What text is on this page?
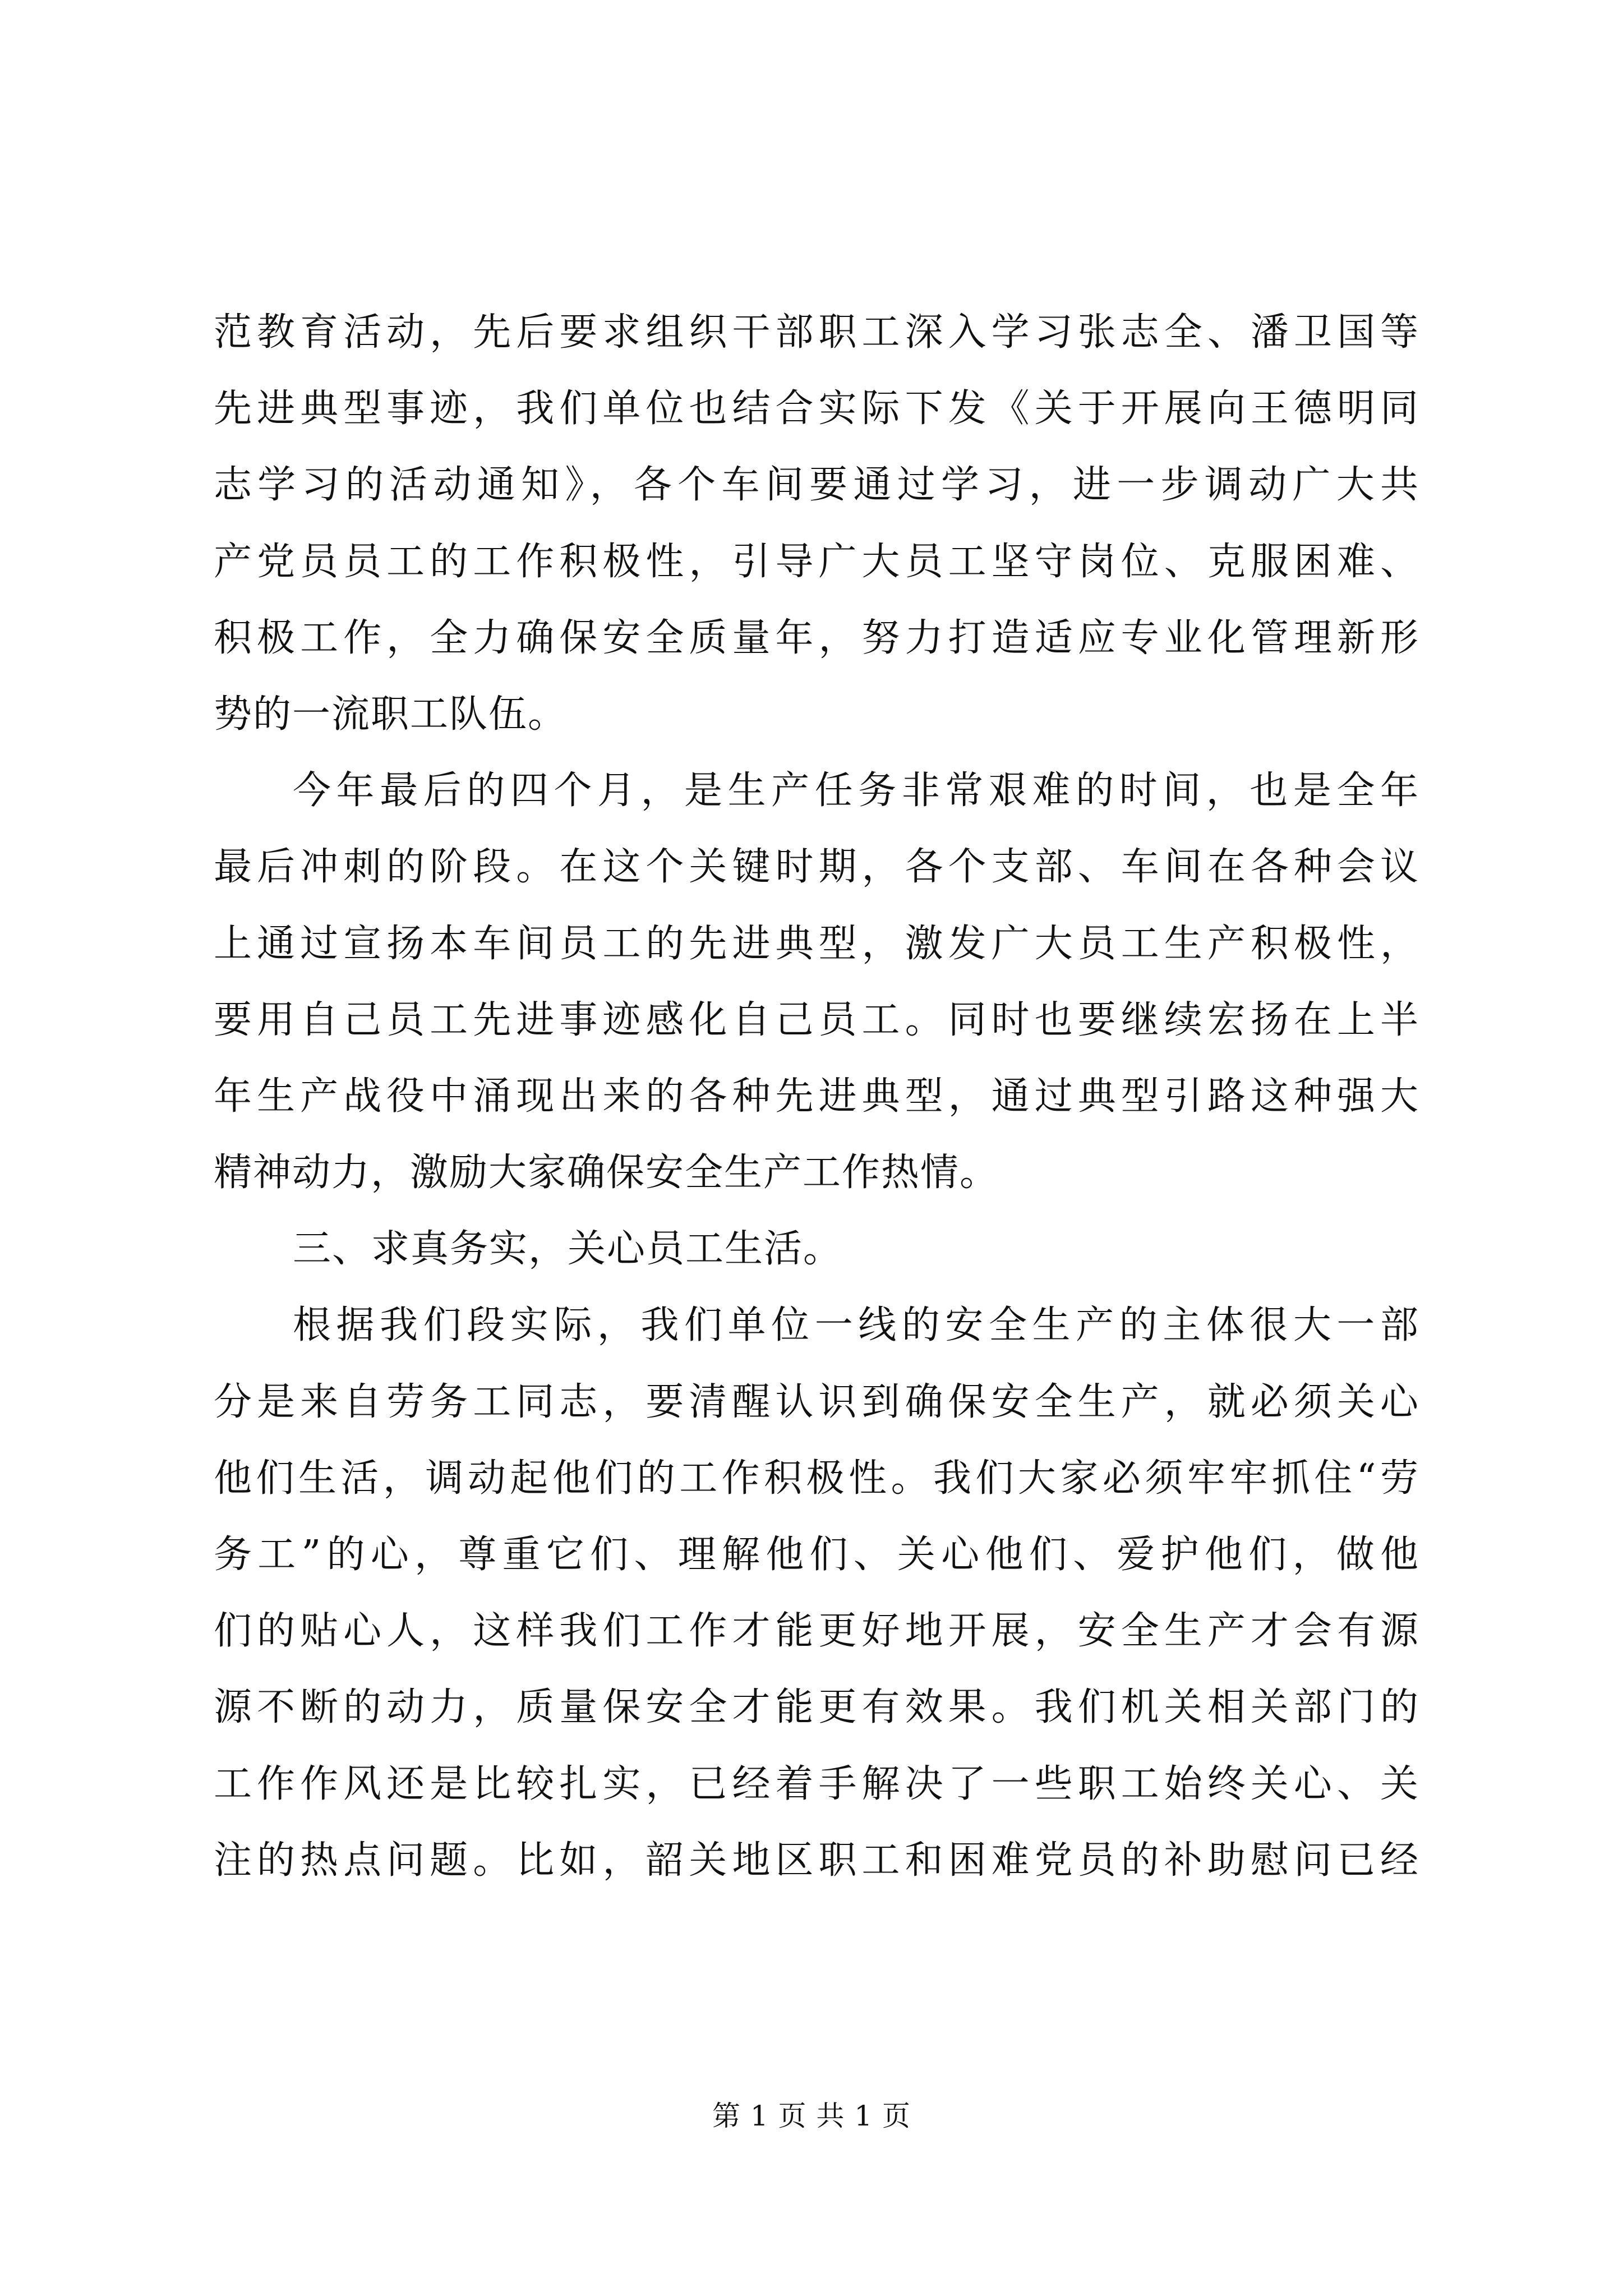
范教育活动，先后要求组织干部职工深入学习张志全、潘卫国等
先进典型事迹，我们单位也结合实际下发《关于开展向王德明同
志学习的活动通知》，各个车间要通过学习，进一步调动广大共
产党员员工的工作积极性，引导广大员工坚守岗位、克服困难、
积极工作，全力确保安全质量年，努力打造适应专业化管理新形
势的一流职工队伍。
今年最后的四个月，是生产任务非常艰难的时间，也是全年
最后冲刺的阶段。在这个关键时期，各个支部、车间在各种会议
上通过宣扬本车间员工的先进典型，激发广大员工生产积极性，
要用自己员工先进事迹感化自己员工。同时也要继续宏扬在上半
年生产战役中涌现出来的各种先进典型，通过典型引路这种强大
精神动力，激励大家确保安全生产工作热情。
三、求真务实，关心员工生活。
根据我们段实际，我们单位一线的安全生产的主体很大一部
分是来自劳务工同志，要清醒认识到确保安全生产，就必须关心
他们生活，调动起他们的工作积极性。我们大家必须牢牢抓住“劳
务工”的心，尊重它们、理解他们、关心他们、爱护他们，做他
们的贴心人，这样我们工作才能更好地开展，安全生产才会有源
源不断的动力，质量保安全才能更有效果。我们机关相关部门的
工作作风还是比较扎实，已经着手解决了一些职工始终关心、关
注的热点问题。比如，韶关地区职工和困难党员的补助慰问已经
第 1 页 共 1 页
